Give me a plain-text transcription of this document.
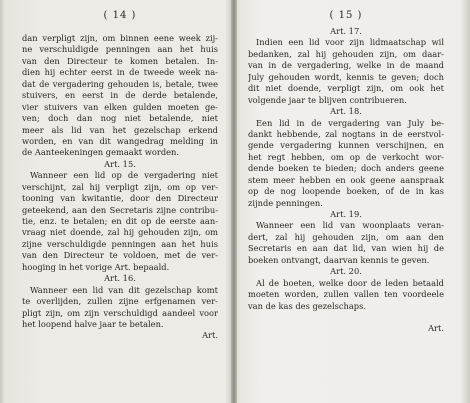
( 14 )
dan verpligt zijn, om binnen eene week zij-
ne verschuldigde penningen aan het huis
van den Directeur te komen betalen. In-
dien hij echter eerst in de tweede week na-
dat de vergadering gehouden is, betale, twee
stuivers, en eerst in de derde betalende,
vier stuivers van elken gulden moeten ge-
ven; doch dan nog niet betalende, niet
meer als lid van het gezelschap erkend
worden, en van dit wangedrag melding in
de Aanteekeningen gemaakt worden.
Art. 15.
Wanneer een lid op de vergadering niet
verschijnt, zal hij verpligt zijn, om op ver-
tooning van kwitantie, door den Directeur
geteekend, aan den Secretaris zijne contribu-
tie, enz. te betalen; en dit op de eerste aan-
vraag niet doende, zal hij gehouden zijn, om
zijne verschuldigde penningen aan het huis
van den Directeur te voldoen, met de ver-
hooging in het vorige Art. bepaald.
Art. 16.
Wanneer een lid van dit gezelschap komt
te overlijden, zullen zijne erfgenamen ver-
pligt zijn, om zijn verschuldigd aandeel voor
het loopend halve jaar te betalen.
Art.
( 15 )
Art. 17.
Indien een lid voor zijn lidmaatschap wil
bedanken, zal hij gehouden zijn, om daar-
van in de vergadering, welke in de maand
July gehouden wordt, kennis te geven; doch
dit niet doende, verpligt zijn, om ook het
volgende jaar te blijven contribueren.
Art. 18.
Een lid in de vergadering van July be-
dankt hebbende, zal nogtans in de eerstvol-
gende vergadering kunnen verschijnen, en
het regt hebben, om op de verkocht wor-
dende boeken te bieden; doch anders geene
stem meer hebben en ook geene aanspraak
op de nog loopende boeken, of de in kas
zijnde penningen.
Art. 19.
Wanneer een lid van woonplaats veran-
dert, zal hij gehouden zijn, om aan den
Secretaris en aan dat lid, van wien hij de
boeken ontvangt, daarvan kennis te geven.
Art. 20.
Al de boeten, welke door de leden betaald
moeten worden, zullen vallen ten voordeele
van de kas des gezelschaps.
Art.
